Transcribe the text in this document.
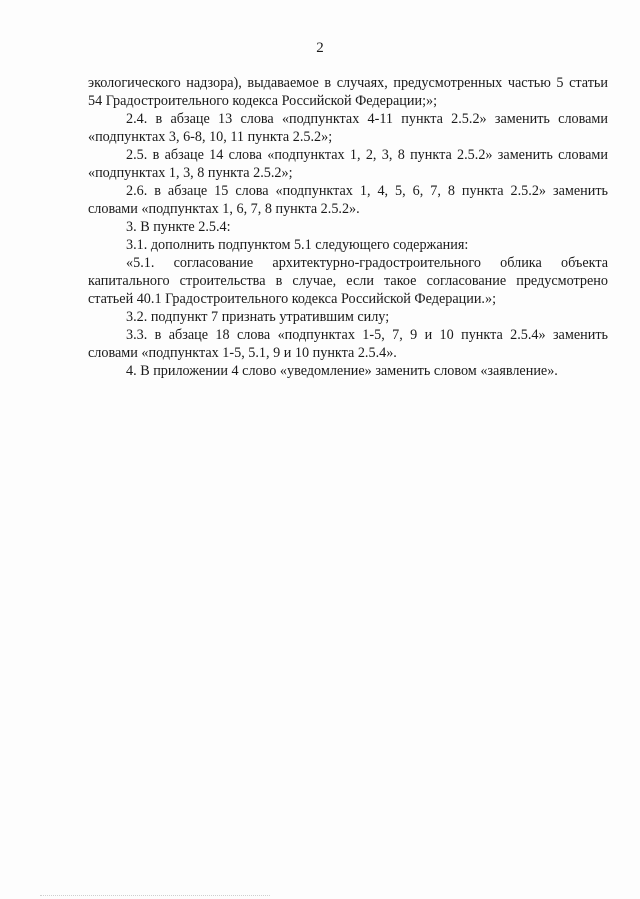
2

экологического надзора), выдаваемое в случаях, предусмотренных частью 5 статьи 54 Градостроительного кодекса Российской Федерации;»;

2.4. в абзаце 13 слова «подпунктах 4-11 пункта 2.5.2» заменить словами «подпунктах 3, 6-8, 10, 11 пункта 2.5.2»;

2.5. в абзаце 14 слова «подпунктах 1, 2, 3, 8 пункта 2.5.2» заменить словами «подпунктах 1, 3, 8 пункта 2.5.2»;

2.6. в абзаце 15 слова «подпунктах 1, 4, 5, 6, 7, 8 пункта 2.5.2» заменить словами «подпунктах 1, 6, 7, 8 пункта 2.5.2».

3. В пункте 2.5.4:

3.1. дополнить подпунктом 5.1 следующего содержания:

«5.1. согласование архитектурно-градостроительного облика объекта капитального строительства в случае, если такое согласование предусмотрено статьей 40.1 Градостроительного кодекса Российской Федерации.»;

3.2. подпункт 7 признать утратившим силу;

3.3. в абзаце 18 слова «подпунктах 1-5, 7, 9 и 10 пункта 2.5.4» заменить словами «подпунктах 1-5, 5.1, 9 и 10 пункта 2.5.4».

4. В приложении 4 слово «уведомление» заменить словом «заявление».
